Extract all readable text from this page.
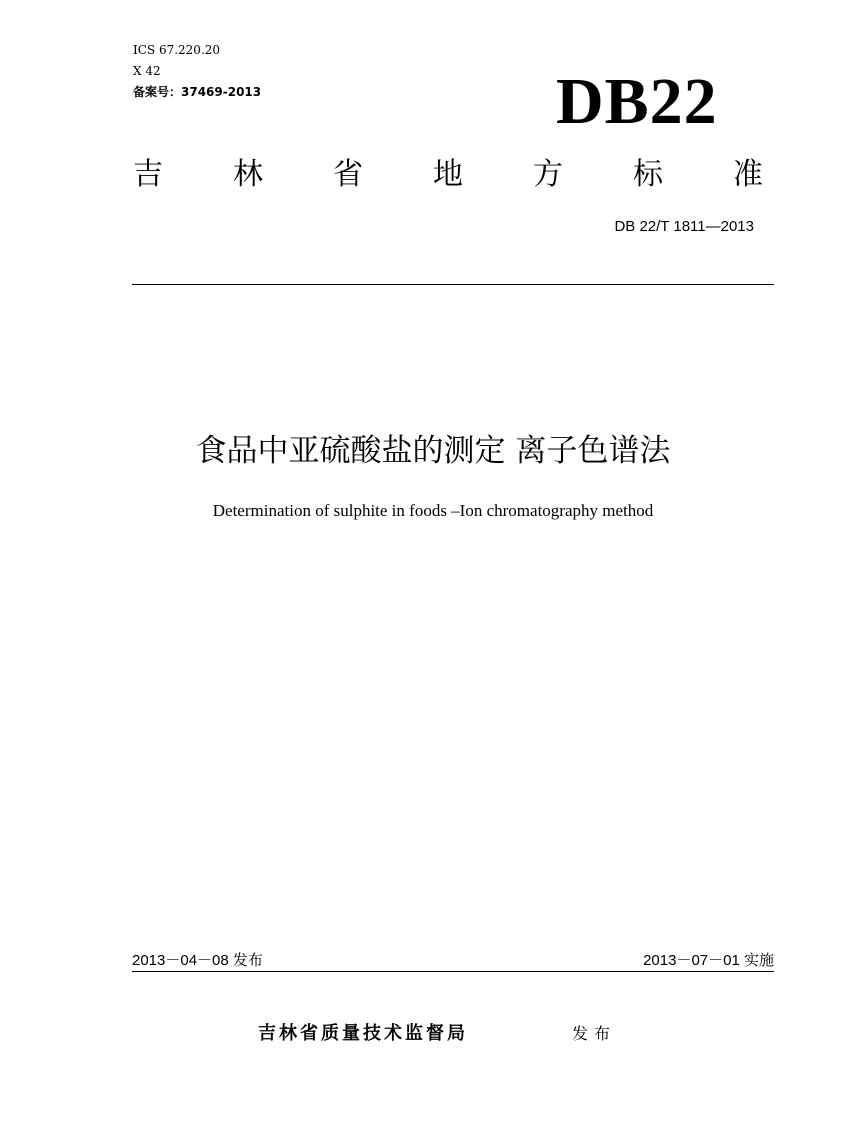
ICS 67.220.20
X 42
备案号：37469-2013	DB22
吉 林 省 地 方 标 准
DB 22/T 1811—2013
食品中亚硫酸盐的测定 离子色谱法
Determination of sulphite in foods –Ion chromatography method
2013－04－08 发布	2013－07－01 实施
吉林省质量技术监督局	发布
